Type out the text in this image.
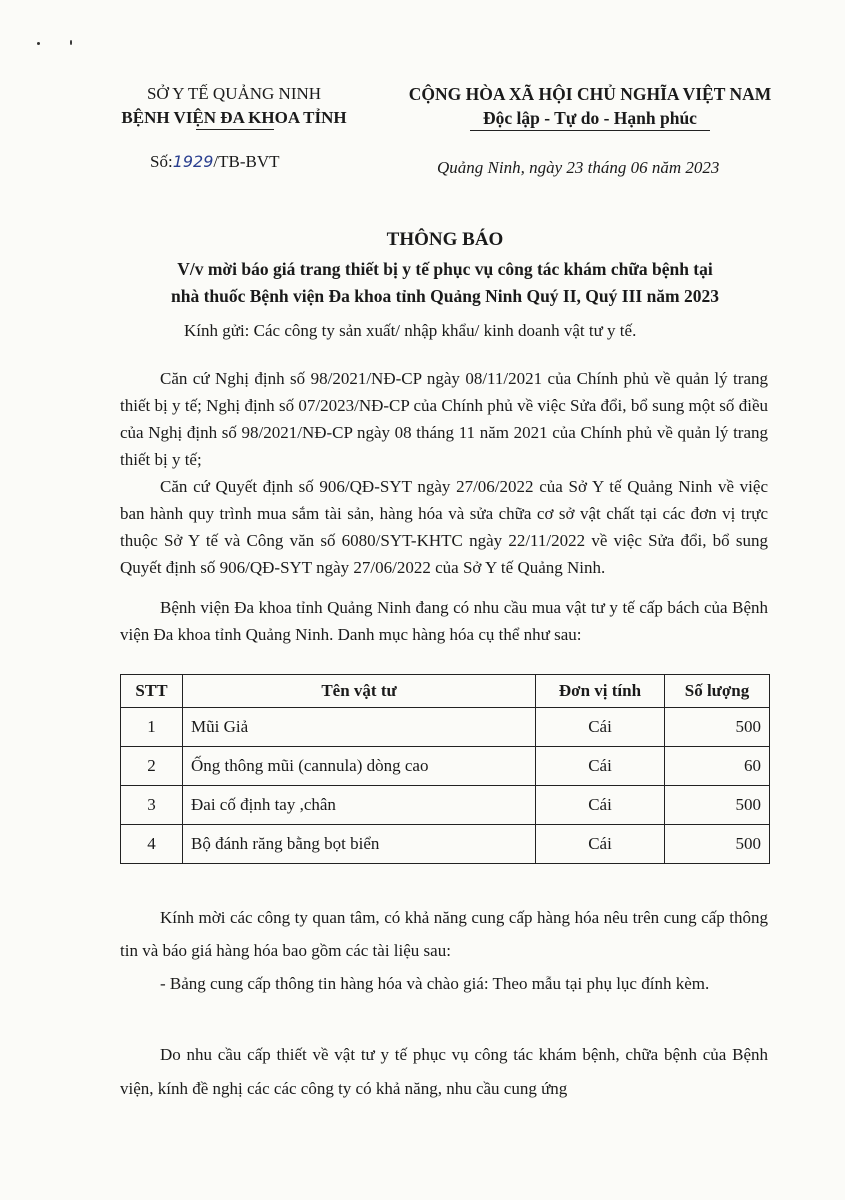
SỞ Y TẾ QUẢNG NINH
BỆNH VIỆN ĐA KHOA TỈNH
CỘNG HÒA XÃ HỘI CHỦ NGHĨA VIỆT NAM
Độc lập - Tự do - Hạnh phúc
Số:1929/TB-BVT	Quảng Ninh, ngày 23 tháng 06 năm 2023
THÔNG BÁO
V/v mời báo giá trang thiết bị y tế phục vụ công tác khám chữa bệnh tại
nhà thuốc Bệnh viện Đa khoa tỉnh Quảng Ninh Quý II, Quý III năm 2023
Kính gửi: Các công ty sản xuất/ nhập khẩu/ kinh doanh vật tư y tế.
Căn cứ Nghị định số 98/2021/NĐ-CP ngày 08/11/2021 của Chính phủ về quản lý trang thiết bị y tế; Nghị định số 07/2023/NĐ-CP của Chính phủ về việc Sửa đổi, bổ sung một số điều của Nghị định số 98/2021/NĐ-CP ngày 08 tháng 11 năm 2021 của Chính phủ về quản lý trang thiết bị y tế;
Căn cứ Quyết định số 906/QĐ-SYT ngày 27/06/2022 của Sở Y tế Quảng Ninh về việc ban hành quy trình mua sắm tài sản, hàng hóa và sửa chữa cơ sở vật chất tại các đơn vị trực thuộc Sở Y tế và Công văn số 6080/SYT-KHTC ngày 22/11/2022 về việc Sửa đổi, bổ sung Quyết định số 906/QĐ-SYT ngày 27/06/2022 của Sở Y tế Quảng Ninh.
Bệnh viện Đa khoa tỉnh Quảng Ninh đang có nhu cầu mua vật tư y tế cấp bách của Bệnh viện Đa khoa tỉnh Quảng Ninh. Danh mục hàng hóa cụ thể như sau:
STT	Tên vật tư	Đơn vị tính	Số lượng
1	Mũi Giả	Cái	500
2	Ống thông mũi (cannula) dòng cao	Cái	60
3	Đai cố định tay ,chân	Cái	500
4	Bộ đánh răng bằng bọt biển	Cái	500
Kính mời các công ty quan tâm, có khả năng cung cấp hàng hóa nêu trên cung cấp thông tin và báo giá hàng hóa bao gồm các tài liệu sau:
- Bảng cung cấp thông tin hàng hóa và chào giá: Theo mẫu tại phụ lục đính kèm.
Do nhu cầu cấp thiết về vật tư y tế phục vụ công tác khám bệnh, chữa bệnh của Bệnh viện, kính đề nghị các các công ty có khả năng, nhu cầu cung ứng
